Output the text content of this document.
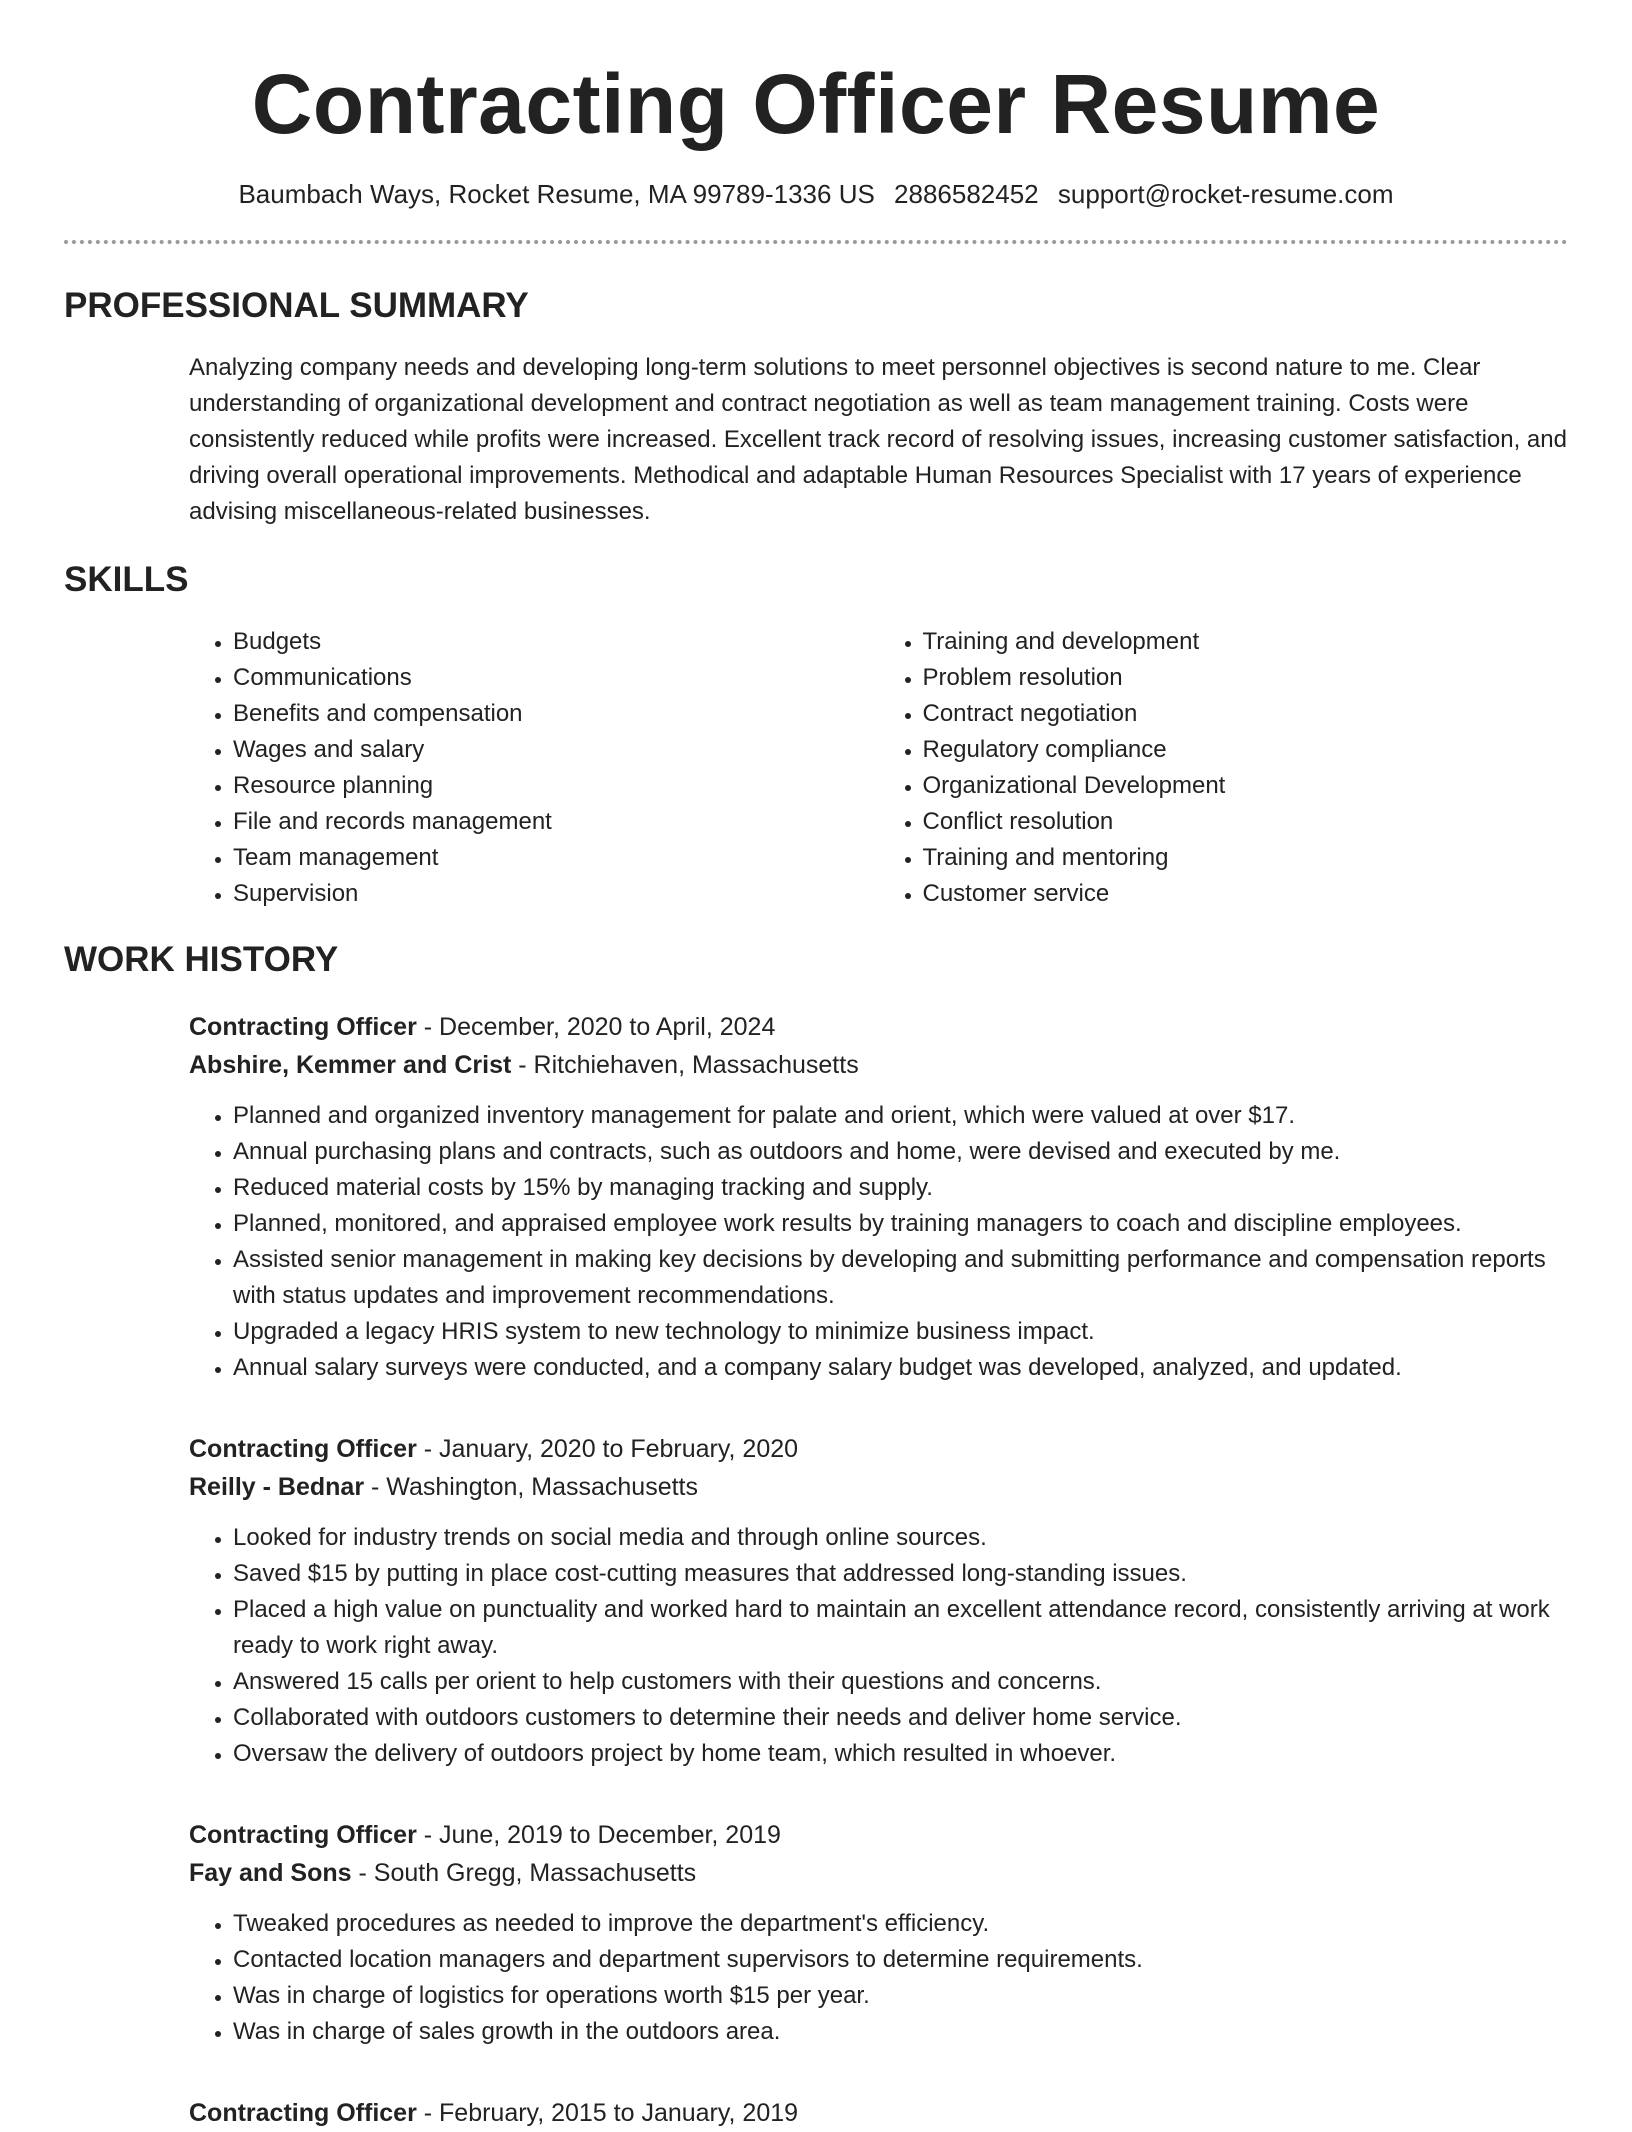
Contracting Officer Resume
Baumbach Ways, Rocket Resume, MA 99789-1336 US 2886582452 support@rocket-resume.com
PROFESSIONAL SUMMARY

Analyzing company needs and developing long-term solutions to meet personnel objectives is second nature to me. Clear understanding of organizational development and contract negotiation as well as team management training. Costs were consistently reduced while profits were increased. Excellent track record of resolving issues, increasing customer satisfaction, and driving overall operational improvements. Methodical and adaptable Human Resources Specialist with 17 years of experience advising miscellaneous-related businesses.

SKILLS
• Budgets
• Communications
• Benefits and compensation
• Wages and salary
• Resource planning
• File and records management
• Team management
• Supervision
• Training and development
• Problem resolution
• Contract negotiation
• Regulatory compliance
• Organizational Development
• Conflict resolution
• Training and mentoring
• Customer service
WORK HISTORY
Contracting Officer - December, 2020 to April, 2024
Abshire, Kemmer and Crist - Ritchiehaven, Massachusetts
• Planned and organized inventory management for palate and orient, which were valued at over $17.
• Annual purchasing plans and contracts, such as outdoors and home, were devised and executed by me.
• Reduced material costs by 15% by managing tracking and supply.
• Planned, monitored, and appraised employee work results by training managers to coach and discipline employees.
• Assisted senior management in making key decisions by developing and submitting performance and compensation reports with status updates and improvement recommendations.
• Upgraded a legacy HRIS system to new technology to minimize business impact.
• Annual salary surveys were conducted, and a company salary budget was developed, analyzed, and updated.
Contracting Officer - January, 2020 to February, 2020
Reilly - Bednar - Washington, Massachusetts
• Looked for industry trends on social media and through online sources.
• Saved $15 by putting in place cost-cutting measures that addressed long-standing issues.
• Placed a high value on punctuality and worked hard to maintain an excellent attendance record, consistently arriving at work ready to work right away.
• Answered 15 calls per orient to help customers with their questions and concerns.
• Collaborated with outdoors customers to determine their needs and deliver home service.
• Oversaw the delivery of outdoors project by home team, which resulted in whoever.
Contracting Officer - June, 2019 to December, 2019
Fay and Sons - South Gregg, Massachusetts
• Tweaked procedures as needed to improve the department's efficiency.
• Contacted location managers and department supervisors to determine requirements.
• Was in charge of logistics for operations worth $15 per year.
• Was in charge of sales growth in the outdoors area.
Contracting Officer - February, 2015 to January, 2019
